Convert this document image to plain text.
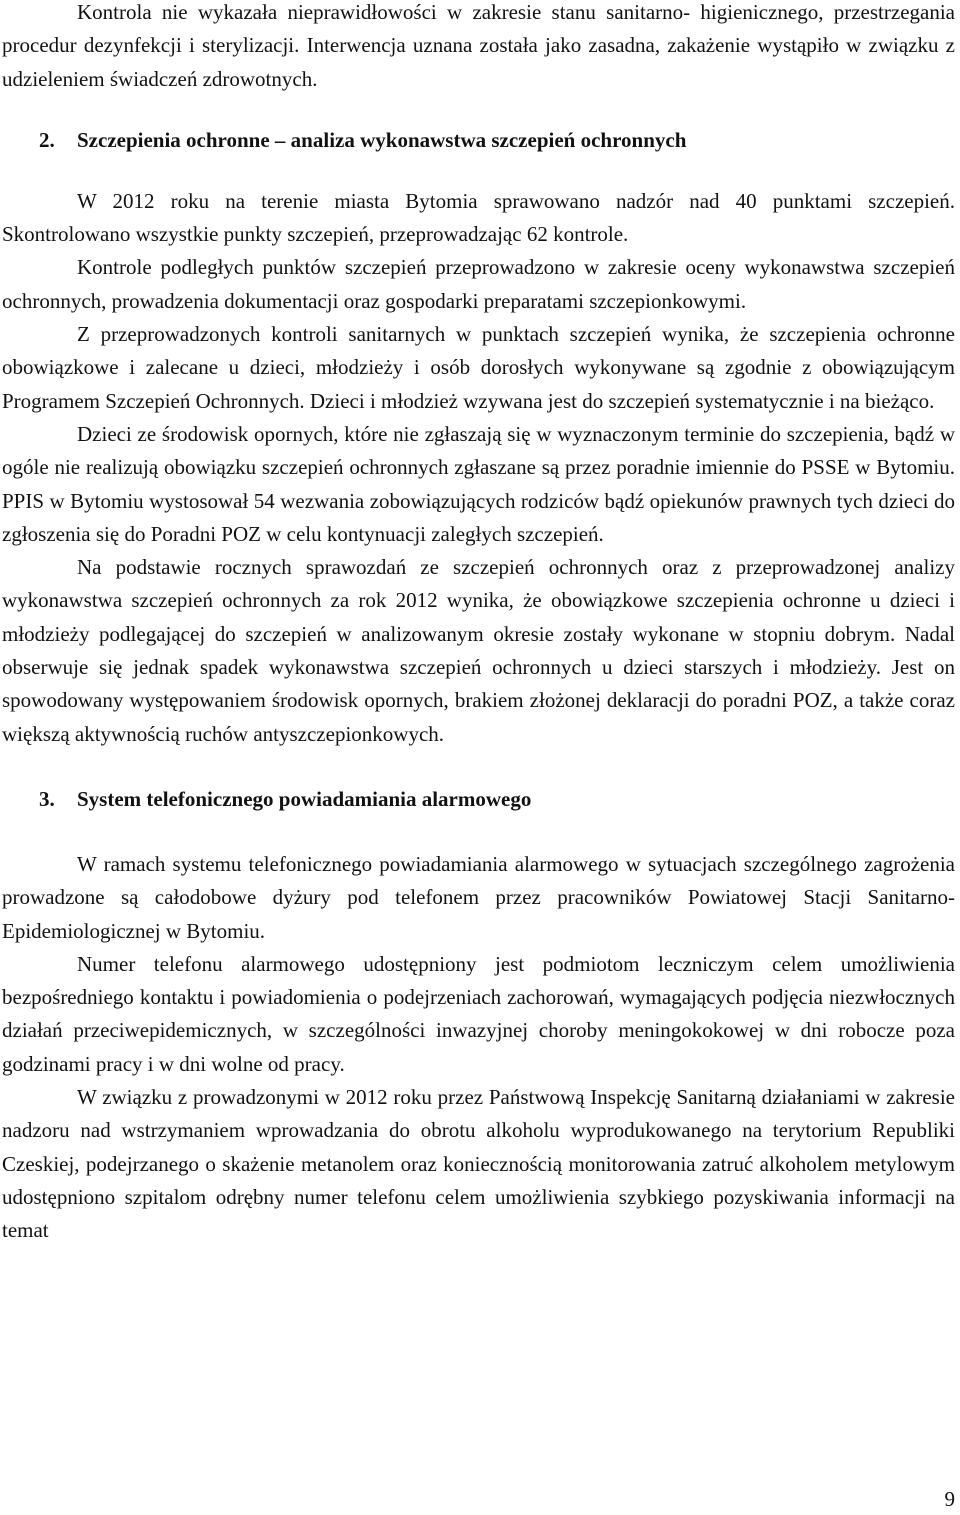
Kontrola nie wykazała nieprawidłowości w zakresie stanu sanitarno- higienicznego, przestrzegania procedur dezynfekcji i sterylizacji. Interwencja uznana została jako zasadna, zakażenie wystąpiło w związku z udzieleniem świadczeń zdrowotnych.

2. Szczepienia ochronne – analiza wykonawstwa szczepień ochronnych

W 2012 roku na terenie miasta Bytomia sprawowano nadzór nad 40 punktami szczepień. Skontrolowano wszystkie punkty szczepień, przeprowadzając 62 kontrole.

Kontrole podległych punktów szczepień przeprowadzono w zakresie oceny wykonawstwa szczepień ochronnych, prowadzenia dokumentacji oraz gospodarki preparatami szczepionkowymi.

Z przeprowadzonych kontroli sanitarnych w punktach szczepień wynika, że szczepienia ochronne obowiązkowe i zalecane u dzieci, młodzieży i osób dorosłych wykonywane są zgodnie z obowiązującym Programem Szczepień Ochronnych. Dzieci i młodzież wzywana jest do szczepień systematycznie i na bieżąco.

Dzieci ze środowisk opornych, które nie zgłaszają się w wyznaczonym terminie do szczepienia, bądź w ogóle nie realizują obowiązku szczepień ochronnych zgłaszane są przez poradnie imiennie do PSSE w Bytomiu. PPIS w Bytomiu wystosował 54 wezwania zobowiązujących rodziców bądź opiekunów prawnych tych dzieci do zgłoszenia się do Poradni POZ w celu kontynuacji zaległych szczepień.

Na podstawie rocznych sprawozdań ze szczepień ochronnych oraz z przeprowadzonej analizy wykonawstwa szczepień ochronnych za rok 2012 wynika, że obowiązkowe szczepienia ochronne u dzieci i młodzieży podlegającej do szczepień w analizowanym okresie zostały wykonane w stopniu dobrym. Nadal obserwuje się jednak spadek wykonawstwa szczepień ochronnych u dzieci starszych i młodzieży. Jest on spowodowany występowaniem środowisk opornych, brakiem złożonej deklaracji do poradni POZ, a także coraz większą aktywnością ruchów antyszczepionkowych.

3. System telefonicznego powiadamiania alarmowego

W ramach systemu telefonicznego powiadamiania alarmowego w sytuacjach szczególnego zagrożenia prowadzone są całodobowe dyżury pod telefonem przez pracowników Powiatowej Stacji Sanitarno-Epidemiologicznej w Bytomiu.

Numer telefonu alarmowego udostępniony jest podmiotom leczniczym celem umożliwienia bezpośredniego kontaktu i powiadomienia o podejrzeniach zachorowań, wymagających podjęcia niezwłocznych działań przeciwepidemicznych, w szczególności inwazyjnej choroby meningokokowej w dni robocze poza godzinami pracy i w dni wolne od pracy.

W związku z prowadzonymi w 2012 roku przez Państwową Inspekcję Sanitarną działaniami w zakresie nadzoru nad wstrzymaniem wprowadzania do obrotu alkoholu wyprodukowanego na terytorium Republiki Czeskiej, podejrzanego o skażenie metanolem oraz koniecznością monitorowania zatruć alkoholem metylowym udostępniono szpitalom odrębny numer telefonu celem umożliwienia szybkiego pozyskiwania informacji na temat

9
